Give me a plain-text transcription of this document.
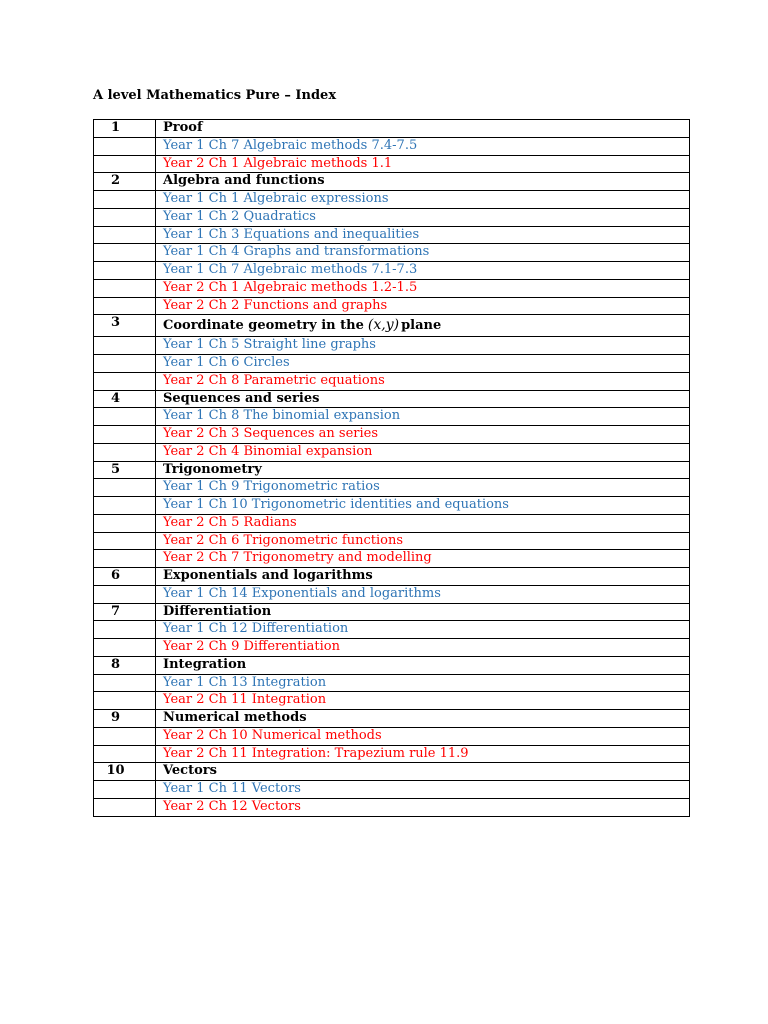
A level Mathematics Pure – Index
1	Proof
	Year 1 Ch 7 Algebraic methods 7.4-7.5
	Year 2 Ch 1 Algebraic methods 1.1
2	Algebra and functions
	Year 1 Ch 1 Algebraic expressions
	Year 1 Ch 2 Quadratics
	Year 1 Ch 3 Equations and inequalities
	Year 1 Ch 4 Graphs and transformations
	Year 1 Ch 7 Algebraic methods 7.1-7.3
	Year 2 Ch 1 Algebraic methods 1.2-1.5
	Year 2 Ch 2 Functions and graphs
3	Coordinate geometry in the (x,y) plane
	Year 1 Ch 5 Straight line graphs
	Year 1 Ch 6 Circles
	Year 2 Ch 8 Parametric equations
4	Sequences and series
	Year 1 Ch 8 The binomial expansion
	Year 2 Ch 3 Sequences an series
	Year 2 Ch 4 Binomial expansion
5	Trigonometry
	Year 1 Ch 9 Trigonometric ratios
	Year 1 Ch 10 Trigonometric identities and equations
	Year 2 Ch 5 Radians
	Year 2 Ch 6 Trigonometric functions
	Year 2 Ch 7 Trigonometry and modelling
6	Exponentials and logarithms
	Year 1 Ch 14 Exponentials and logarithms
7	Differentiation
	Year 1 Ch 12 Differentiation
	Year 2 Ch 9 Differentiation
8	Integration
	Year 1 Ch 13 Integration
	Year 2 Ch 11 Integration
9	Numerical methods
	Year 2 Ch 10 Numerical methods
	Year 2 Ch 11 Integration: Trapezium rule 11.9
10	Vectors
	Year 1 Ch 11 Vectors
	Year 2 Ch 12 Vectors
